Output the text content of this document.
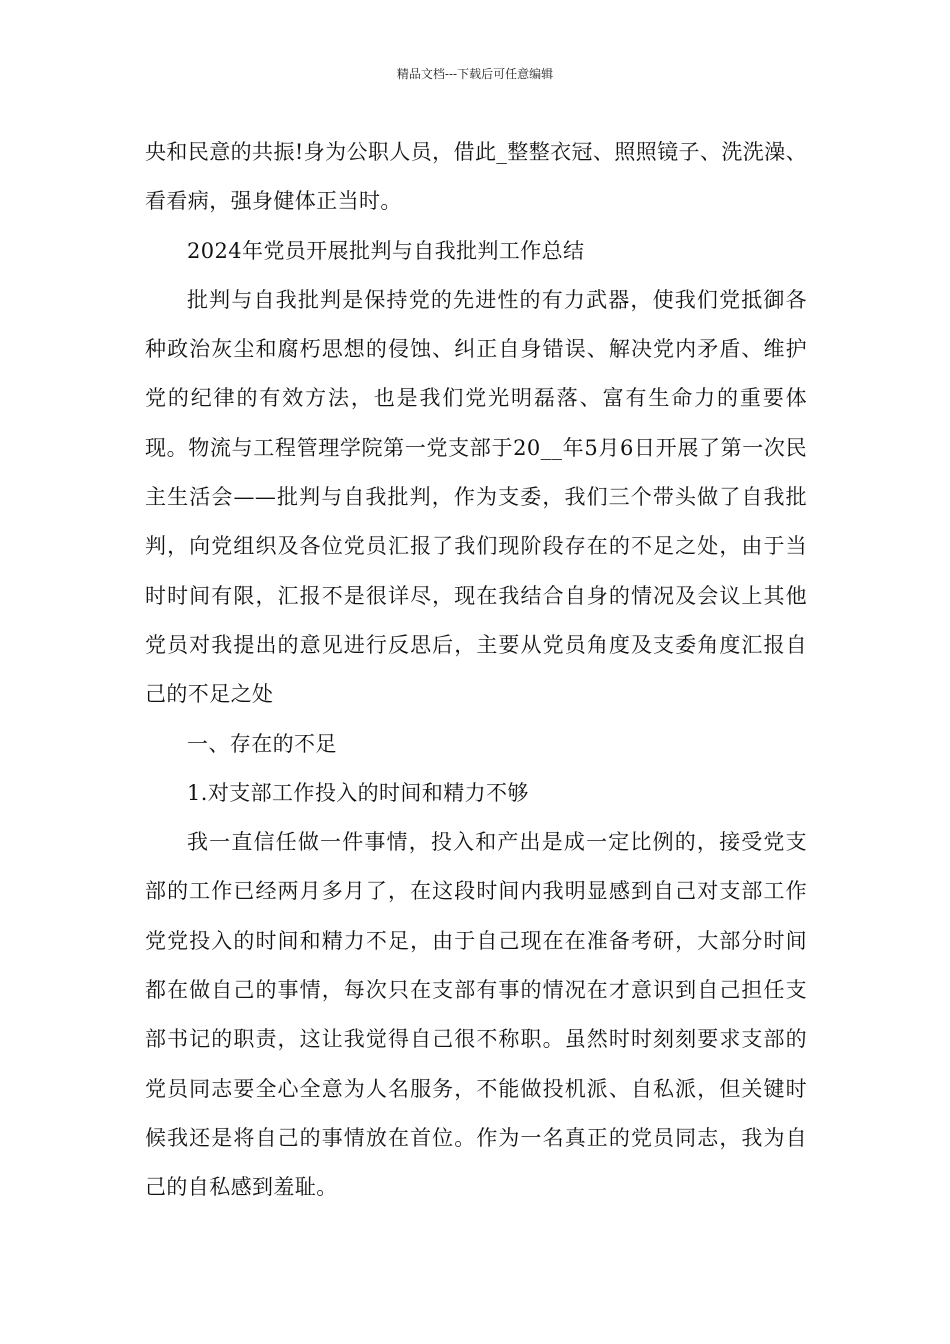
精品文档---下载后可任意编辑

央和民意的共振!身为公职人员，借此_整整衣冠、照照镜子、洗洗澡、看看病，强身健体正当时。

2024年党员开展批判与自我批判工作总结

批判与自我批判是保持党的先进性的有力武器，使我们党抵御各种政治灰尘和腐朽思想的侵蚀、纠正自身错误、解决党内矛盾、维护党的纪律的有效方法，也是我们党光明磊落、富有生命力的重要体现。物流与工程管理学院第一党支部于20__年5月6日开展了第一次民主生活会——批判与自我批判，作为支委，我们三个带头做了自我批判，向党组织及各位党员汇报了我们现阶段存在的不足之处，由于当时时间有限，汇报不是很详尽，现在我结合自身的情况及会议上其他党员对我提出的意见进行反思后，主要从党员角度及支委角度汇报自己的不足之处

一、存在的不足

1.对支部工作投入的时间和精力不够

我一直信任做一件事情，投入和产出是成一定比例的，接受党支部的工作已经两月多月了，在这段时间内我明显感到自己对支部工作党党投入的时间和精力不足，由于自己现在在准备考研，大部分时间都在做自己的事情，每次只在支部有事的情况在才意识到自己担任支部书记的职责，这让我觉得自己很不称职。虽然时时刻刻要求支部的党员同志要全心全意为人名服务，不能做投机派、自私派，但关键时候我还是将自己的事情放在首位。作为一名真正的党员同志，我为自己的自私感到羞耻。
